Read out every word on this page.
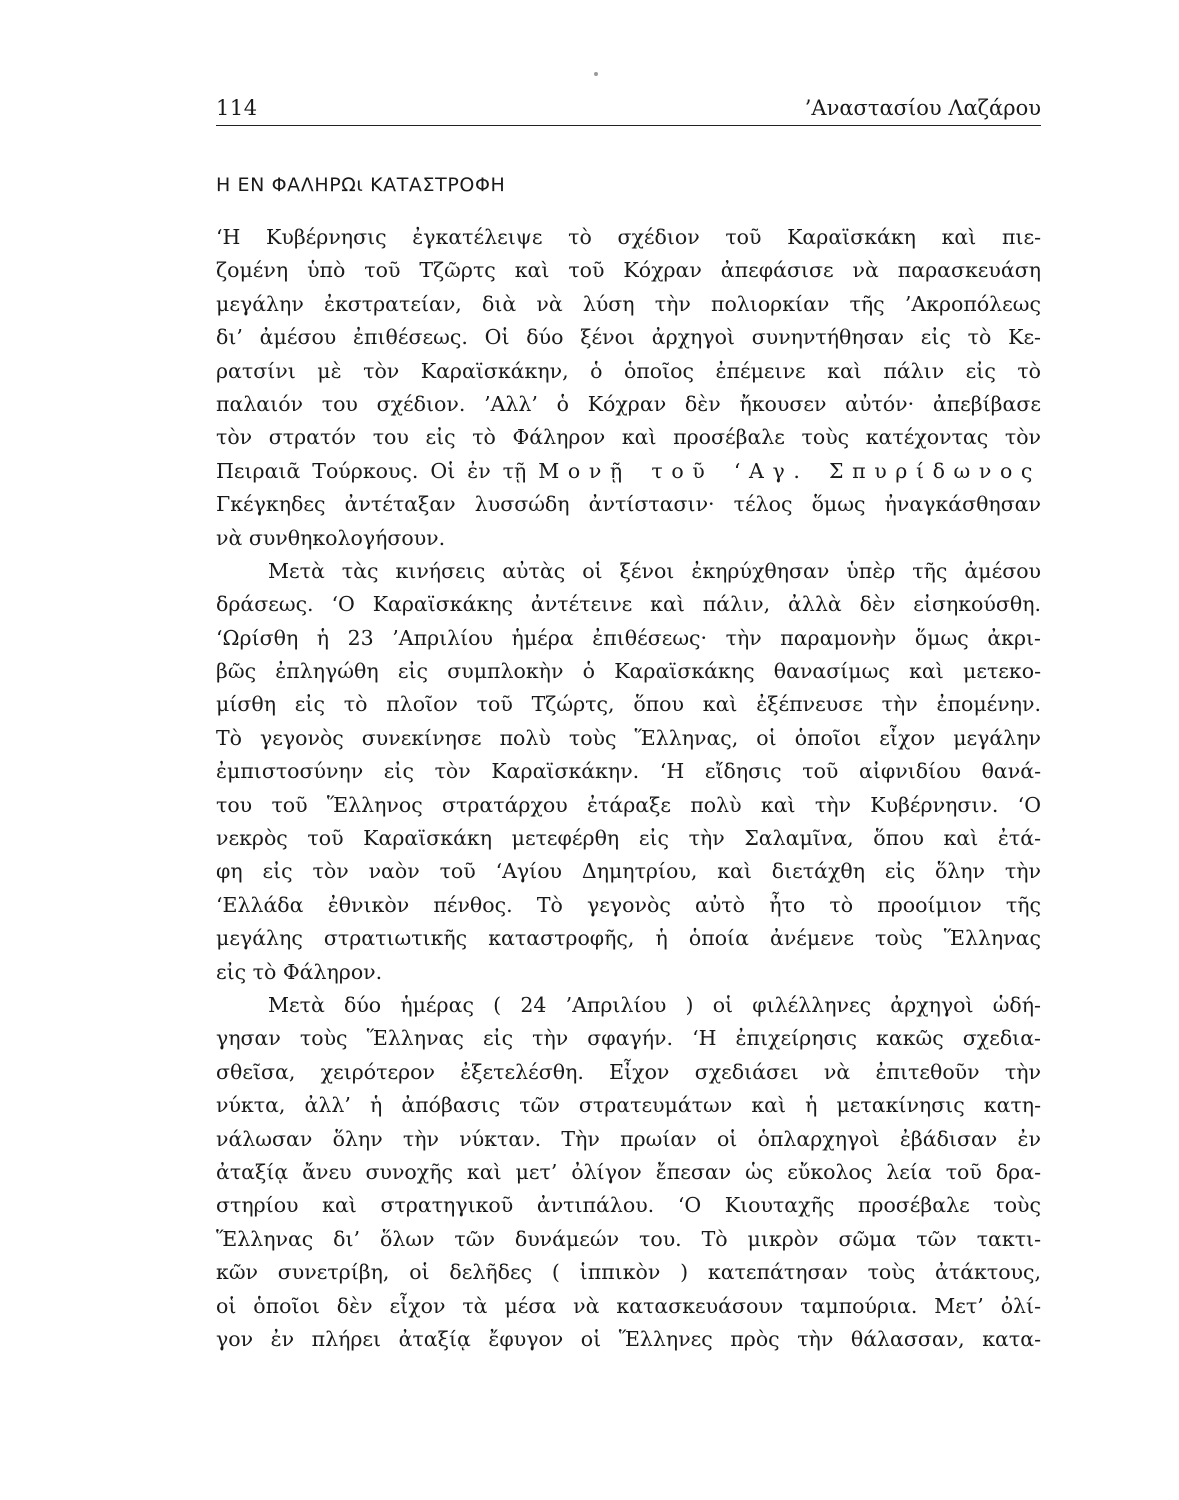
114	’Αναστασίου Λαζάρου
Η ΕΝ ΦΑΛΗΡΩι ΚΑΤΑΣΤΡΟΦΗ
‘Η Κυβέρνησις ἐγκατέλειψε τὸ σχέδιον τοῦ Καραϊσκάκη καὶ πιε-
ζομένη ὑπὸ τοῦ Τζῶρτς καὶ τοῦ Κόχραν ἀπεφάσισε νὰ παρασκευάση
μεγάλην ἐκστρατείαν, διὰ νὰ λύση τὴν πολιορκίαν τῆς ’Ακροπόλεως
δι’ ἀμέσου ἐπιθέσεως. Οἱ δύο ξένοι ἀρχηγοὶ συνηντήθησαν εἰς τὸ Κε-
ρατσίνι μὲ τὸν Καραϊσκάκην, ὁ ὁποῖος ἐπέμεινε καὶ πάλιν εἰς τὸ
παλαιόν του σχέδιον. ’Αλλ’ ὁ Κόχραν δὲν ἤκουσεν αὐτόν· ἀπεβίβασε
τὸν στρατόν του εἰς τὸ Φάληρον καὶ προσέβαλε τοὺς κατέχοντας τὸν
Πειραιᾶ Τούρκους. Οἱ ἐν τῇ Μονῇ τοῦ ‘Αγ. Σπυρίδωνος
Γκέγκηδες ἀντέταξαν λυσσώδη ἀντίστασιν· τέλος ὅμως ἠναγκάσθησαν
νὰ συνθηκολογήσουν.
Μετὰ τὰς κινήσεις αὐτὰς οἱ ξένοι ἐκηρύχθησαν ὑπὲρ τῆς ἀμέσου
δράσεως. ‘Ο Καραϊσκάκης ἀντέτεινε καὶ πάλιν, ἀλλὰ δὲν εἰσηκούσθη.
‘Ωρίσθη ἡ 23 ’Απριλίου ἡμέρα ἐπιθέσεως· τὴν παραμονὴν ὅμως ἀκρι-
βῶς ἐπληγώθη εἰς συμπλοκὴν ὁ Καραϊσκάκης θανασίμως καὶ μετεκο-
μίσθη εἰς τὸ πλοῖον τοῦ Τζώρτς, ὅπου καὶ ἐξέπνευσε τὴν ἐπομένην.
Τὸ γεγονὸς συνεκίνησε πολὺ τοὺς Ἕλληνας, οἱ ὁποῖοι εἶχον μεγάλην
ἐμπιστοσύνην εἰς τὸν Καραϊσκάκην. ‘Η εἴδησις τοῦ αἰφνιδίου θανά-
του τοῦ Ἕλληνος στρατάρχου ἐτάραξε πολὺ καὶ τὴν Κυβέρνησιν. ‘Ο
νεκρὸς τοῦ Καραϊσκάκη μετεφέρθη εἰς τὴν Σαλαμῖνα, ὅπου καὶ ἐτά-
φη εἰς τὸν ναὸν τοῦ ‘Αγίου Δημητρίου, καὶ διετάχθη εἰς ὅλην τὴν
‘Ελλάδα ἐθνικὸν πένθος. Τὸ γεγονὸς αὐτὸ ἦτο τὸ προοίμιον τῆς
μεγάλης στρατιωτικῆς καταστροφῆς, ἡ ὁποία ἀνέμενε τοὺς Ἕλληνας
εἰς τὸ Φάληρον.
Μετὰ δύο ἡμέρας ( 24 ’Απριλίου ) οἱ φιλέλληνες ἀρχηγοὶ ὡδή-
γησαν τοὺς Ἕλληνας εἰς τὴν σφαγήν. ‘Η ἐπιχείρησις κακῶς σχεδια-
σθεῖσα, χειρότερον ἐξετελέσθη. Εἶχον σχεδιάσει νὰ ἐπιτεθοῦν τὴν
νύκτα, ἀλλ’ ἡ ἀπόβασις τῶν στρατευμάτων καὶ ἡ μετακίνησις κατη-
νάλωσαν ὅλην τὴν νύκταν. Τὴν πρωίαν οἱ ὁπλαρχηγοὶ ἐβάδισαν ἐν
ἀταξίᾳ ἄνευ συνοχῆς καὶ μετ’ ὀλίγον ἔπεσαν ὡς εὔκολος λεία τοῦ δρα-
στηρίου καὶ στρατηγικοῦ ἀντιπάλου. ‘Ο Κιουταχῆς προσέβαλε τοὺς
Ἕλληνας δι’ ὅλων τῶν δυνάμεών του. Τὸ μικρὸν σῶμα τῶν τακτι-
κῶν συνετρίβη, οἱ δελῆδες ( ἱππικὸν ) κατεπάτησαν τοὺς ἀτάκτους,
οἱ ὁποῖοι δὲν εἶχον τὰ μέσα νὰ κατασκευάσουν ταμπούρια. Μετ’ ὀλί-
γον ἐν πλήρει ἀταξίᾳ ἔφυγον οἱ Ἕλληνες πρὸς τὴν θάλασσαν, κατα-
